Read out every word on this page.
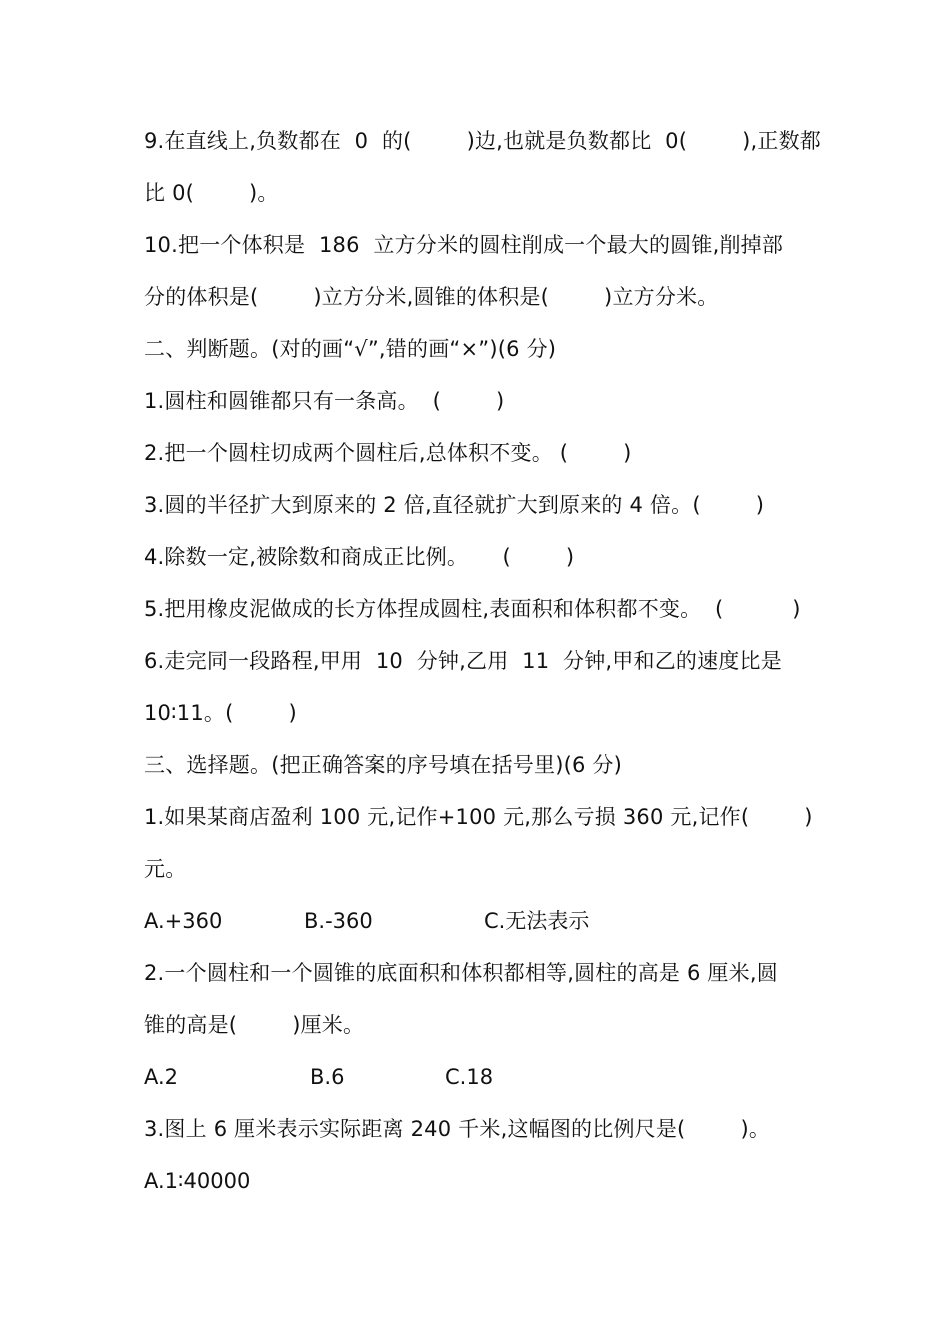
9.在直线上,负数都在  0  的(        )边,也就是负数都比  0(        ),正数都
比 0(        )。
10.把一个体积是  186  立方分米的圆柱削成一个最大的圆锥,削掉部
分的体积是(        )立方分米,圆锥的体积是(        )立方分米。
二、判断题。(对的画“√”,错的画“×”)(6 分)
1.圆柱和圆锥都只有一条高。  (        )
2.把一个圆柱切成两个圆柱后,总体积不变。 (        )
3.圆的半径扩大到原来的 2 倍,直径就扩大到原来的 4 倍。(        )
4.除数一定,被除数和商成正比例。     (        )
5.把用橡皮泥做成的长方体捏成圆柱,表面积和体积都不变。  (          )
6.走完同一段路程,甲用  10  分钟,乙用  11  分钟,甲和乙的速度比是
10∶11。(        )
三、选择题。(把正确答案的序号填在括号里)(6 分)
1.如果某商店盈利 100 元,记作+100 元,那么亏损 360 元,记作(        )
元。

A.+360

	B.-360

	C.无法表示

2.一个圆柱和一个圆锥的底面积和体积都相等,圆柱的高是 6 厘米,圆
锥的高是(        )厘米。

A.2

	B.6

	C.18

3.图上 6 厘米表示实际距离 240 千米,这幅图的比例尺是(        )。

A.1∶40000
